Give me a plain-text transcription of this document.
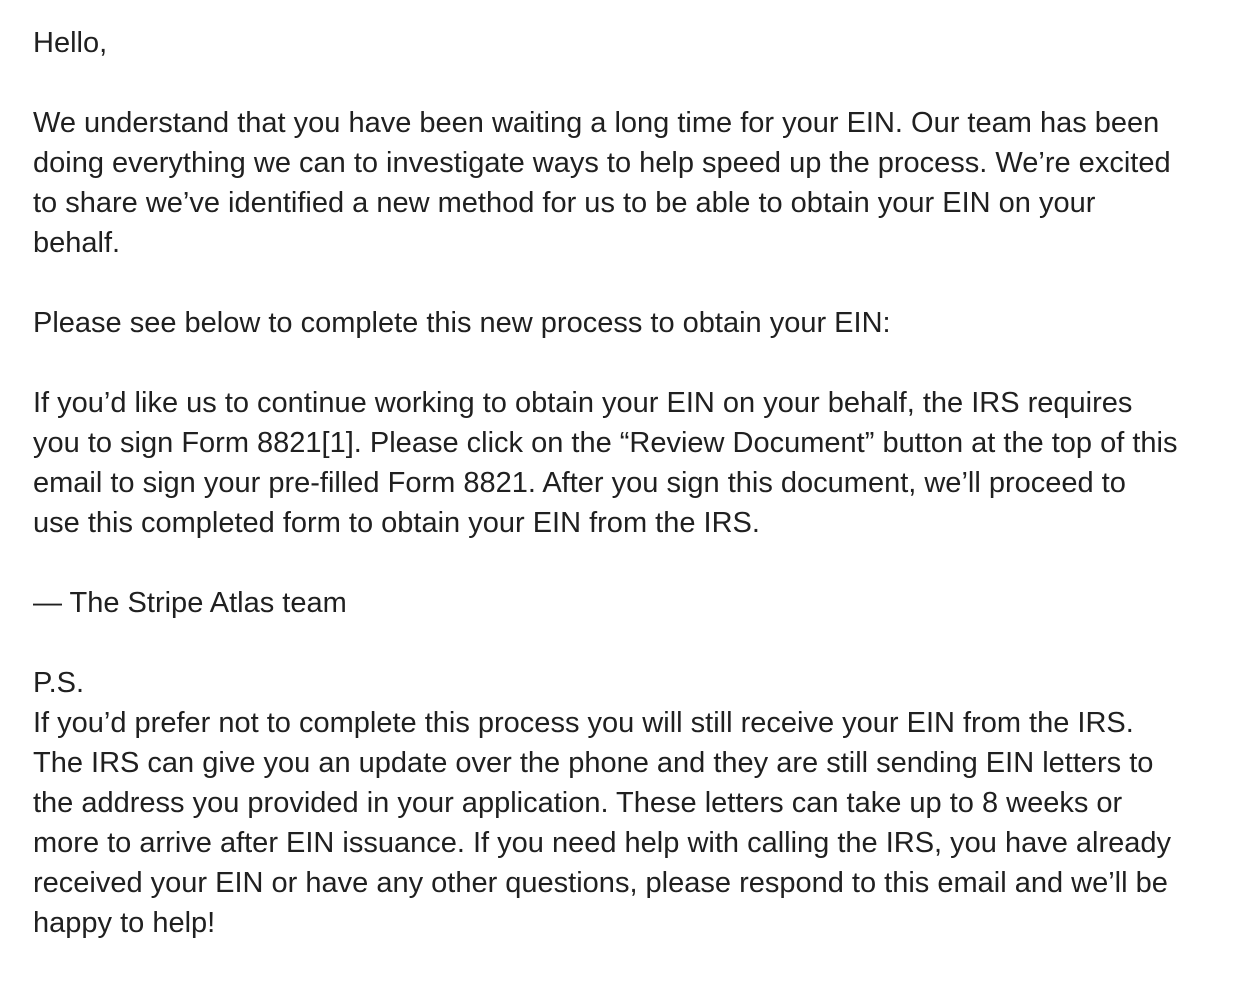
Hello,

We understand that you have been waiting a long time for your EIN. Our team has been
doing everything we can to investigate ways to help speed up the process. We’re excited
to share we’ve identified a new method for us to be able to obtain your EIN on your
behalf.

Please see below to complete this new process to obtain your EIN:

If you’d like us to continue working to obtain your EIN on your behalf, the IRS requires
you to sign Form 8821[1]. Please click on the “Review Document” button at the top of this
email to sign your pre-filled Form 8821. After you sign this document, we’ll proceed to
use this completed form to obtain your EIN from the IRS.

— The Stripe Atlas team

P.S.

If you’d prefer not to complete this process you will still receive your EIN from the IRS.
The IRS can give you an update over the phone and they are still sending EIN letters to
the address you provided in your application. These letters can take up to 8 weeks or
more to arrive after EIN issuance. If you need help with calling the IRS, you have already
received your EIN or have any other questions, please respond to this email and we’ll be
happy to help!
